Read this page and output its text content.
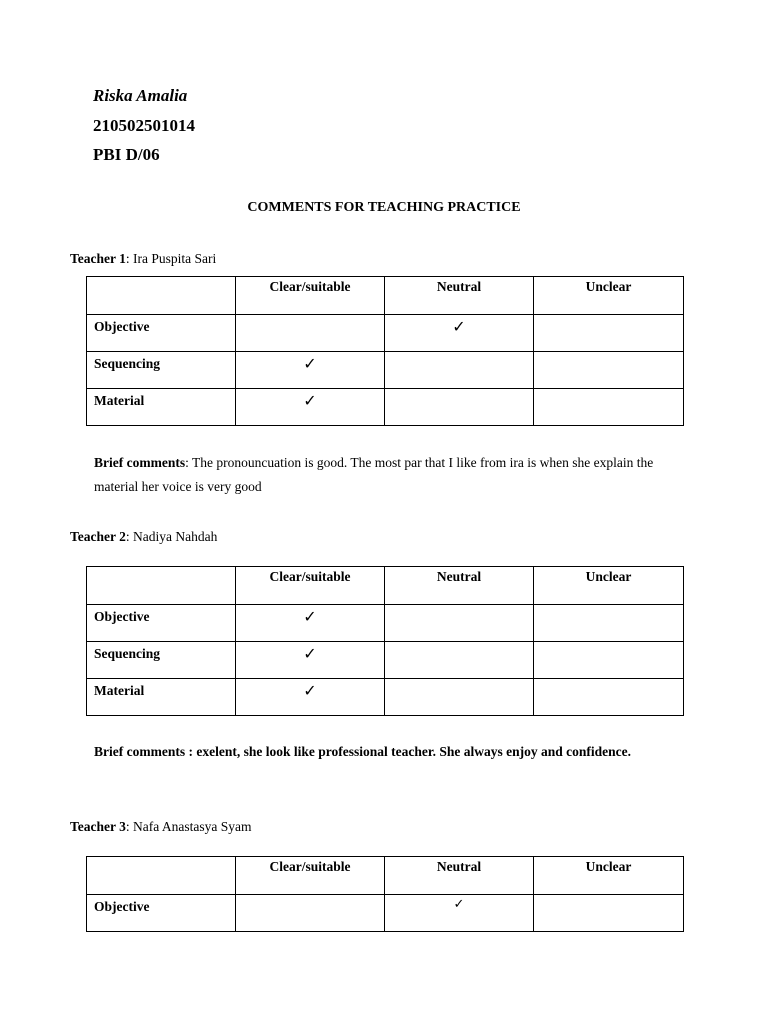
Riska Amalia
210502501014
PBI D/06
COMMENTS FOR TEACHING PRACTICE
Teacher 1: Ira Puspita Sari
	Clear/suitable	Neutral	Unclear
Objective		✓	
Sequencing	✓		
Material	✓		
Brief comments: The pronouncuation is good. The most par that I like from ira is when she explain the material her voice is very good
Teacher 2: Nadiya Nahdah
	Clear/suitable	Neutral	Unclear
Objective	✓		
Sequencing	✓		
Material	✓		
Brief comments : exelent, she look like professional teacher. She always enjoy and confidence.
Teacher 3: Nafa Anastasya Syam
	Clear/suitable	Neutral	Unclear
Objective		✓	
